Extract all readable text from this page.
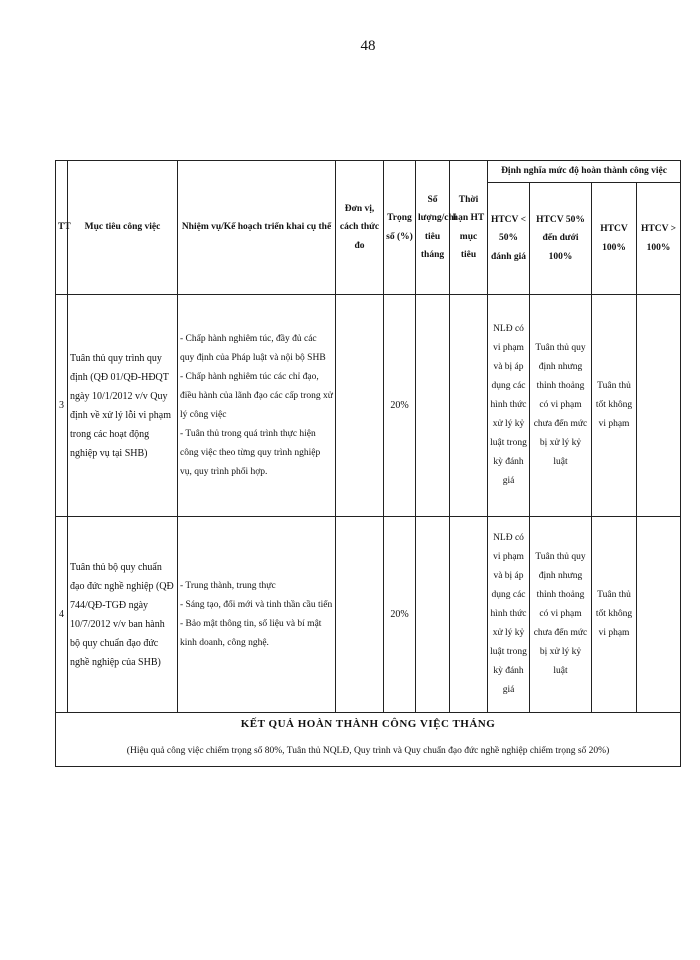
48
TT	Mục tiêu công việc	Nhiệm vụ/Kế hoạch triển khai cụ thể	Đơn vị, cách thức đo	Trọng số (%)	Số lượng/chỉ tiêu tháng	Thời hạn HT mục tiêu	Định nghĩa mức độ hoàn thành công việc			
							HTCV < 50% đánh giá	HTCV 50% đến dưới 100%	HTCV 100%	HTCV > 100%
3	Tuân thủ quy trình quy định (QĐ 01/QĐ-HĐQT ngày 10/1/2012 v/v Quy định về xử lý lỗi vi phạm trong các hoạt động nghiệp vụ tại SHB)	- Chấp hành nghiêm túc, đầy đủ các quy định của Pháp luật và nội bộ SHB
- Chấp hành nghiêm túc các chỉ đạo, điều hành của lãnh đạo các cấp trong xử lý công việc
- Tuân thủ trong quá trình thực hiện công việc theo từng quy trình nghiệp vụ, quy trình phối hợp.		20%			NLĐ có vi phạm và bị áp dụng các hình thức xử lý kỷ luật trong kỳ đánh giá	Tuân thủ quy định nhưng thỉnh thoảng có vi phạm chưa đến mức bị xử lý kỷ luật	Tuân thủ tốt không vi phạm	
4	Tuân thủ bộ quy chuẩn đạo đức nghề nghiệp (QĐ 744/QĐ-TGĐ ngày 10/7/2012 v/v ban hành bộ quy chuẩn đạo đức nghề nghiệp của SHB)	- Trung thành, trung thực
- Sáng tạo, đổi mới và tinh thần cầu tiến
- Bảo mật thông tin, số liệu và bí mật kinh doanh, công nghệ.		20%			NLĐ có vi phạm và bị áp dụng các hình thức xử lý kỷ luật trong kỳ đánh giá	Tuân thủ quy định nhưng thỉnh thoảng có vi phạm chưa đến mức bị xử lý kỷ luật	Tuân thủ tốt không vi phạm	
KẾT QUẢ HOÀN THÀNH CÔNG VIỆC THÁNG										
(Hiệu quả công việc chiếm trọng số 80%, Tuân thủ NQLĐ, Quy trình và Quy chuẩn đạo đức nghề nghiệp chiếm trọng số 20%)										
